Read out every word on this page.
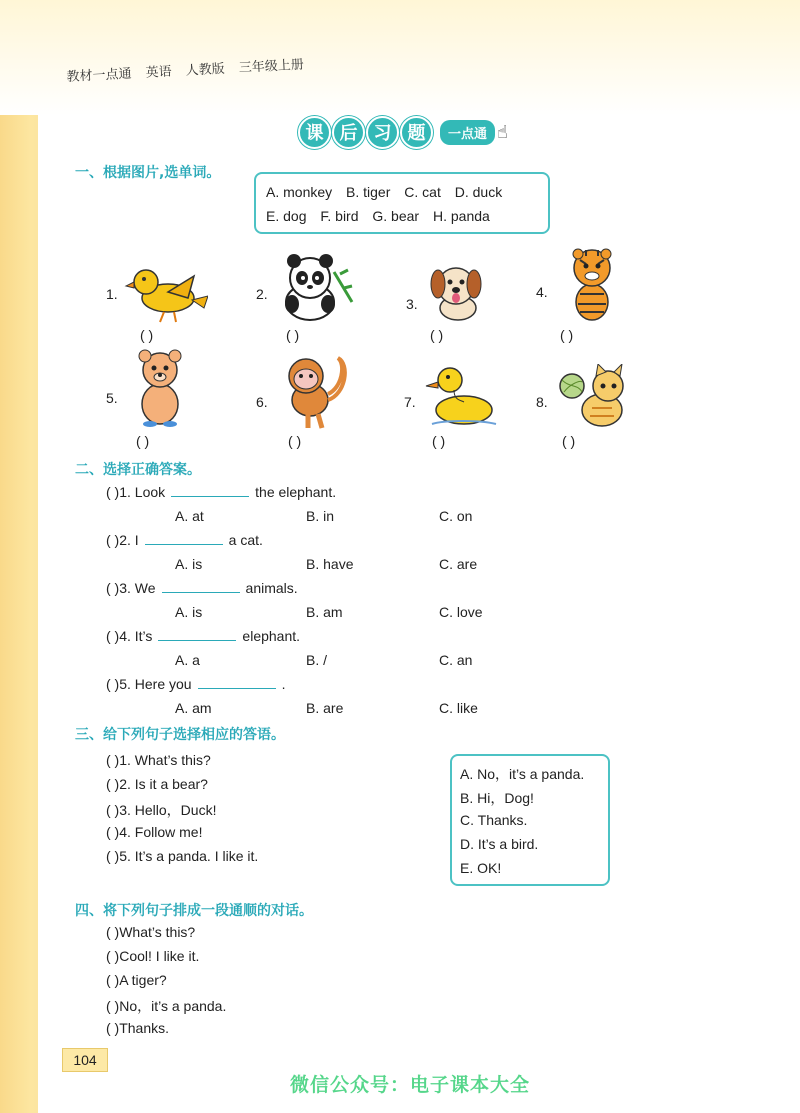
教材一点通 英语 人教版 三年级上册
课 后 习 题	一点通 ☝
一、根据图片,选单词。
A. monkey B. tiger C. cat D. duck
E. dog F. bird G. bear H. panda
1.
( )
2.
( )
3.
( )
4.
( )
5.
( )
6.
( )
7.
( )
8.
( )
二、选择正确答案。
( )1. Look	the elephant.
A. at	B. in	C. on
( )2. I	a cat.
A. is	B. have	C. are
( )3. We	animals.
A. is	B. am	C. love
( )4. It’s	elephant.
A. a	B. /	C. an
( )5. Here you	.
A. am	B. are	C. like
三、给下列句子选择相应的答语。
( )1. What’s this?
( )2. Is it a bear?
( )3. Hello，Duck!
( )4. Follow me!
( )5. It’s a panda. I like it.
A. No，it’s a panda.
B. Hi，Dog!
C. Thanks.
D. It’s a bird.
E. OK!
四、将下列句子排成一段通顺的对话。
( )What’s this?
( )Cool! I like it.
( )A tiger?
( )No，it’s a panda.
( )Thanks.
104
微信公众号：电子课本大全
